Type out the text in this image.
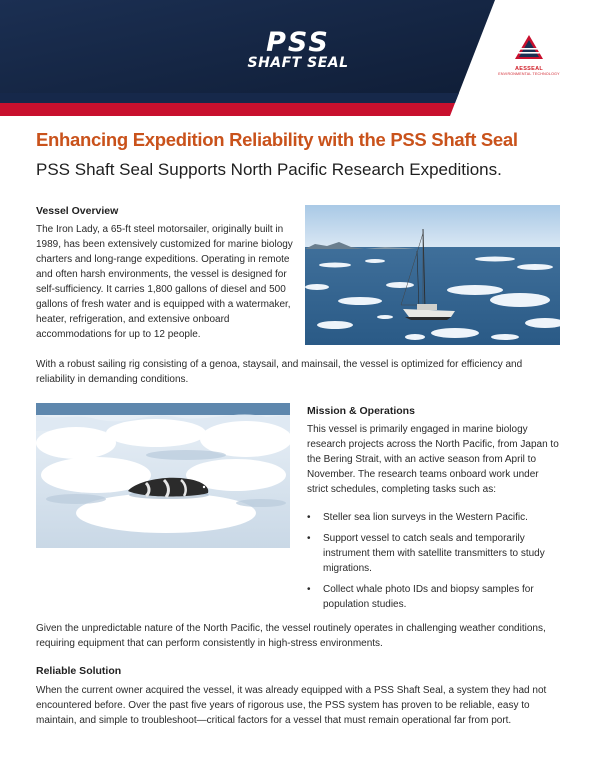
PSS
SHAFT SEAL	AESSEAL
ENVIRONMENTAL TECHNOLOGY
Enhancing Expedition Reliability with the PSS Shaft Seal
PSS Shaft Seal Supports North Pacific Research Expeditions.
Vessel Overview

The Iron Lady, a 65-ft steel motorsailer, originally built in 1989, has been extensively customized for marine biology charters and long-range expeditions. Operating in remote and often harsh environments, the vessel is designed for self-sufficiency. It carries 1,800 gallons of diesel and 500 gallons of fresh water and is equipped with a watermaker, heater, refrigeration, and extensive onboard accommodations for up to 12 people.

With a robust sailing rig consisting of a genoa, staysail, and mainsail, the vessel is optimized for efficiency and reliability in demanding conditions.

Mission & Operations

This vessel is primarily engaged in marine biology research projects across the North Pacific, from Japan to the Bering Strait, with an active season from April to November. The research teams onboard work under strict schedules, completing tasks such as:

• Steller sea lion surveys in the Western Pacific.
• Support vessel to catch seals and temporarily instrument them with satellite transmitters to study migrations.
• Collect whale photo IDs and biopsy samples for population studies.

Given the unpredictable nature of the North Pacific, the vessel routinely operates in challenging weather conditions, requiring equipment that can perform consistently in high-stress environments.

Reliable Solution

When the current owner acquired the vessel, it was already equipped with a PSS Shaft Seal, a system they had not encountered before. Over the past five years of rigorous use, the PSS system has proven to be reliable, easy to maintain, and simple to troubleshoot—critical factors for a vessel that must remain operational far from port.
